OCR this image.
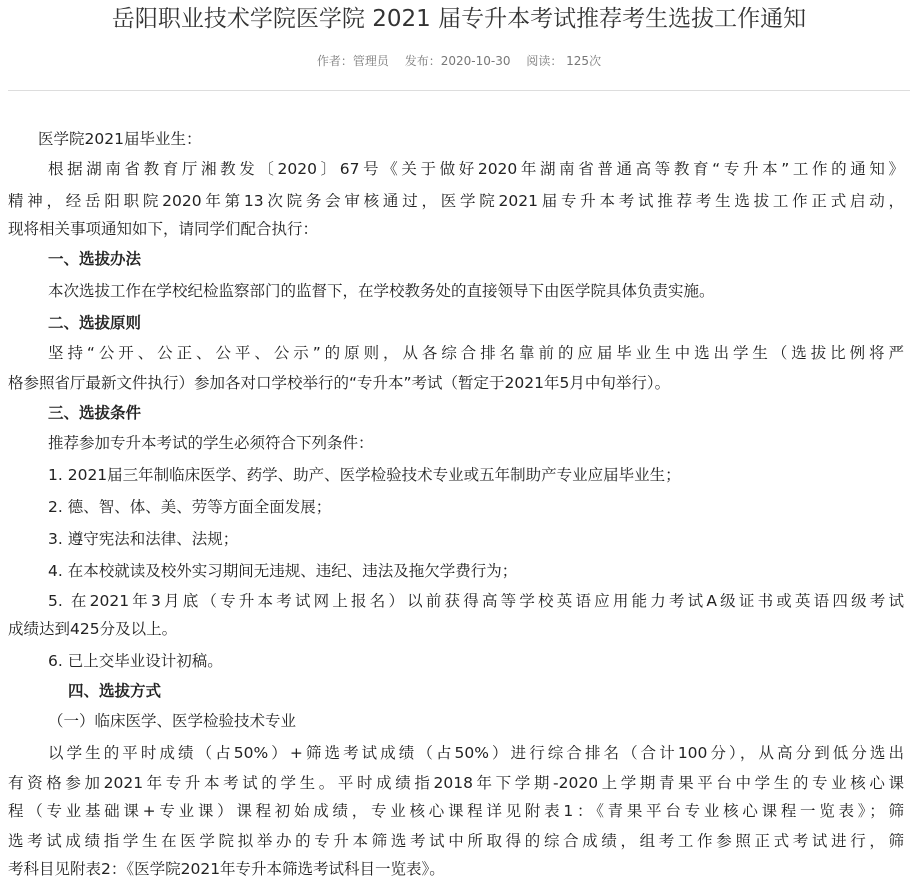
岳阳职业技术学院医学院 2021 届专升本考试推荐考生选拔工作通知
作者：管理员 发布：2020-10-30 阅读： 125次
医学院2021届毕业生：
根据湖南省教育厅湘教发〔2020〕67号《关于做好2020年湖南省普通高等教育“专升本”工作的通知》
精神，经岳阳职院2020年第13次院务会审核通过，医学院2021届专升本考试推荐考生选拔工作正式启动，
现将相关事项通知如下，请同学们配合执行：
一、选拔办法
本次选拔工作在学校纪检监察部门的监督下，在学校教务处的直接领导下由医学院具体负责实施。
二、选拔原则
坚持“公开、公正、公平、公示”的原则，从各综合排名靠前的应届毕业生中选出学生（选拔比例将严
格参照省厅最新文件执行）参加各对口学校举行的“专升本”考试（暂定于2021年5月中旬举行）。
三、选拔条件
推荐参加专升本考试的学生必须符合下列条件：
1. 2021届三年制临床医学、药学、助产、医学检验技术专业或五年制助产专业应届毕业生；
2. 德、智、体、美、劳等方面全面发展；
3. 遵守宪法和法律、法规；
4. 在本校就读及校外实习期间无违规、违纪、违法及拖欠学费行为；
5. 在2021年3月底（专升本考试网上报名）以前获得高等学校英语应用能力考试A级证书或英语四级考试
成绩达到425分及以上。
6. 已上交毕业设计初稿。
四、选拔方式
（一）临床医学、医学检验技术专业
以学生的平时成绩（占50%）+筛选考试成绩（占50%）进行综合排名（合计100分），从高分到低分选出
有资格参加2021年专升本考试的学生。平时成绩指2018年下学期-2020上学期青果平台中学生的专业核心课
程（专业基础课+专业课）课程初始成绩，专业核心课程详见附表1：《青果平台专业核心课程一览表》；筛
选考试成绩指学生在医学院拟举办的专升本筛选考试中所取得的综合成绩，组考工作参照正式考试进行，筛
考科目见附表2：《医学院2021年专升本筛选考试科目一览表》。
